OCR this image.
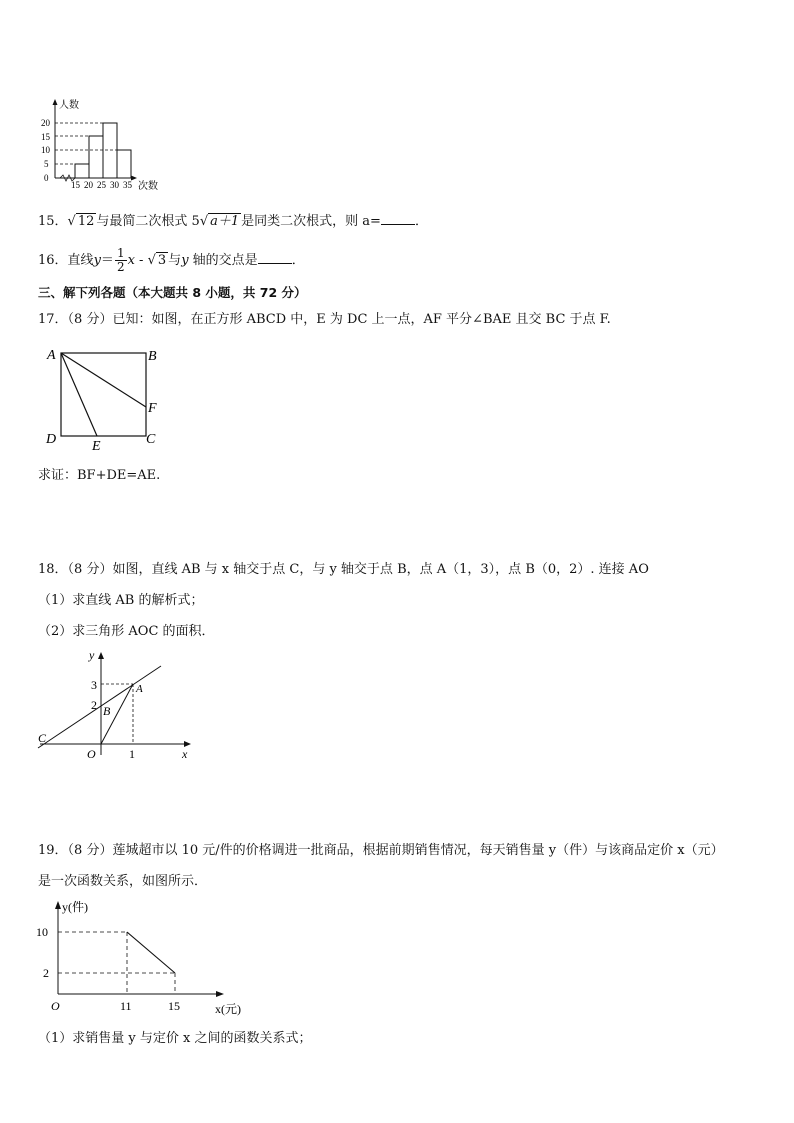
人数
次数
0
5
10
15
20
15 20 25 30 35
15．√ 12 与最简二次根式 5√ a＋1 是同类二次根式，则 a=	．
16．直线$y= \frac{1}{2}$ x - √ 3 与y 轴的交点是	．
三、解下列各题（本大题共 8 小题，共 72 分）
17．（8 分）已知：如图，在正方形 ABCD 中，E 为 DC 上一点，AF 平分∠BAE 且交 BC 于点 F.
A	B
C
D	E
F
求证：BF+DE=AE.
18．（8 分）如图，直线 AB 与 x 轴交于点 C，与 y 轴交于点 B，点 A（1，3），点 B（0，2）. 连接 AO
（1）求直线 AB 的解析式；
（2）求三角形 AOC 的面积．
y
x
O
A
B
C
3
2
1
19．（8 分）莲城超市以 10 元/件的价格调进一批商品，根据前期销售情况，每天销售量 y（件）与该商品定价 x（元）
是一次函数关系，如图所示．
y(件)
x(元)
O
10
2
11	15
（1）求销售量 y 与定价 x 之间的函数关系式；
